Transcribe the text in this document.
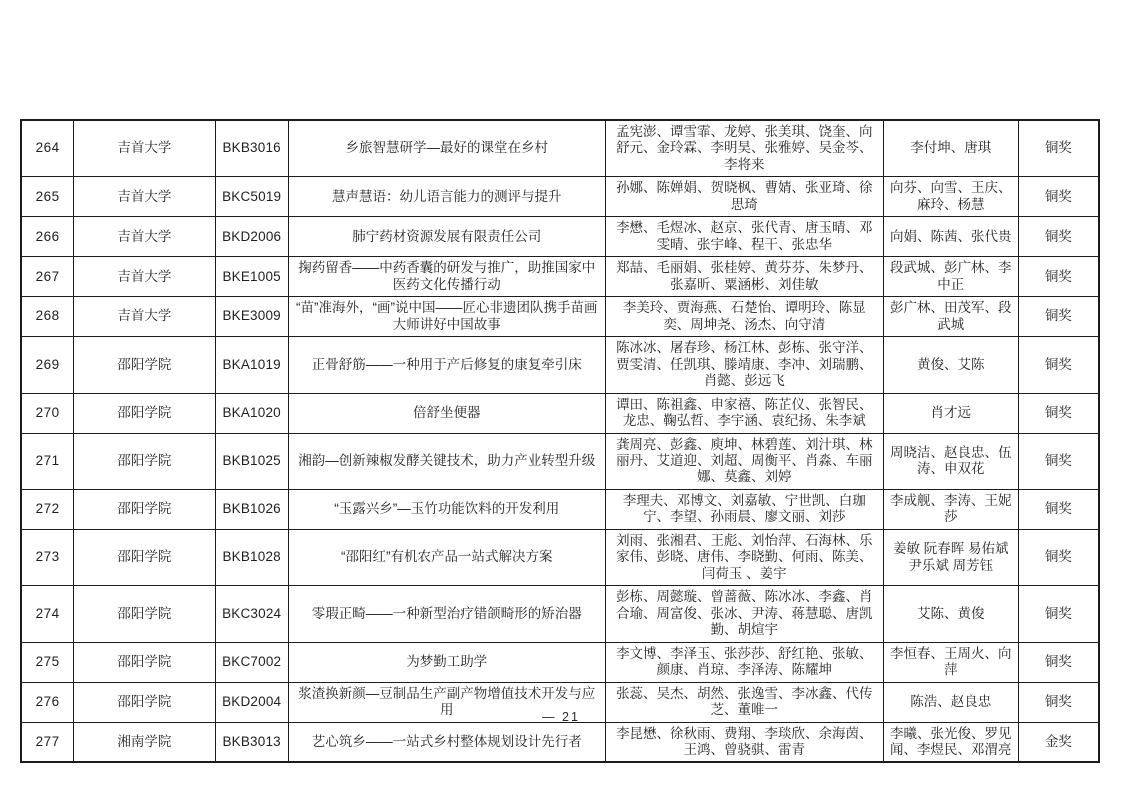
264	吉首大学	BKB3016	乡旅智慧研学—最好的课堂在乡村	孟宪澎、谭雪霏、龙婷、张美琪、饶奎、向舒元、金玲霖、李明昊、张雅婷、吴金芩、李将来	李付坤、唐琪	铜奖
265	吉首大学	BKC5019	慧声慧语：幼儿语言能力的测评与提升	孙娜、陈婵娟、贺晓枫、曹婧、张亚琦、徐思琦	向芬、向雪、王庆、麻玲、杨慧	铜奖
266	吉首大学	BKD2006	肺宁药材资源发展有限责任公司	李懋、毛煜冰、赵京、张代青、唐玉晴、邓雯晴、张宇峰、程干、张忠华	向娟、陈茜、张代贵	铜奖
267	吉首大学	BKE1005	掬药留香——中药香囊的研发与推广，助推国家中医药文化传播行动	郑喆、毛丽娟、张桂婷、黄芬芬、朱梦丹、张嘉昕、粟涵彬、刘佳敏	段武城、彭广林、李中正	铜奖
268	吉首大学	BKE3009	“苗”准海外，“画”说中国——匠心非遗团队携手苗画大师讲好中国故事	李美玲、贾海燕、石楚怡、谭明玲、陈显奕、周坤尧、汤杰、向守清	彭广林、田茂军、段武城	铜奖
269	邵阳学院	BKA1019	正骨舒筋——一种用于产后修复的康复牵引床	陈冰冰、屠春珍、杨江林、彭栋、张守洋、贾雯清、任凯琪、滕靖康、李冲、刘瑞鹏、肖懿、彭远飞	黄俊、艾陈	铜奖
270	邵阳学院	BKA1020	倍舒坐便器	谭田、陈祖鑫、申家禧、陈芷仪、张智民、龙忠、鞠弘哲、李宇涵、袁纪扬、朱李斌	肖才远	铜奖
271	邵阳学院	BKB1025	湘韵—创新辣椒发酵关键技术，助力产业转型升级	龚周亮、彭鑫、庾坤、林碧莲、刘汁琪、林丽丹、艾道迎、刘超、周衡平、肖淼、车丽娜、莫鑫、刘婷	周晓洁、赵良忠、伍涛、申双花	铜奖
272	邵阳学院	BKB1026	“玉露兴乡”—玉竹功能饮料的开发利用	李理夫、邓博文、刘嘉敏、宁世凯、白珈宁、李望、孙雨晨、廖文丽、刘莎	李成舰、李涛、王妮莎	铜奖
273	邵阳学院	BKB1028	“邵阳红”有机农产品一站式解决方案	刘雨、张湘君、王彪、刘怡萍、石海林、乐家伟、彭晓、唐伟、李晓勤、何雨、陈美、闫荷玉 、姜宇	姜敏 阮春晖 易佑斌 尹乐斌 周芳钰	铜奖
274	邵阳学院	BKC3024	零瑕正畸——一种新型治疗错颌畸形的矫治器	彭栋、周懿璇、曾蔷薇、陈冰冰、李鑫、肖合瑜、周富俊、张冰、尹涛、蒋慧聪、唐凯勤、胡煊宇	艾陈、黄俊	铜奖
275	邵阳学院	BKC7002	为梦勤工助学	李文博、李泽玉、张莎莎、舒红艳、张敏、颜康、肖琼、李泽涛、陈耀坤	李恒春、王周火、向萍	铜奖
276	邵阳学院	BKD2004	浆渣换新颜—豆制品生产副产物增值技术开发与应用	张蕊、吴杰、胡然、张逸雪、李冰鑫、代传芝、董唯一	陈浩、赵良忠	铜奖
277	湘南学院	BKB3013	艺心筑乡——一站式乡村整体规划设计先行者	李昆懋、徐秋雨、费翔、李琰欣、余海茵、王鸿、曾骁骐、雷青	李曦、张光俊、罗见闻、李煜民、邓渭亮	金奖
— 21
